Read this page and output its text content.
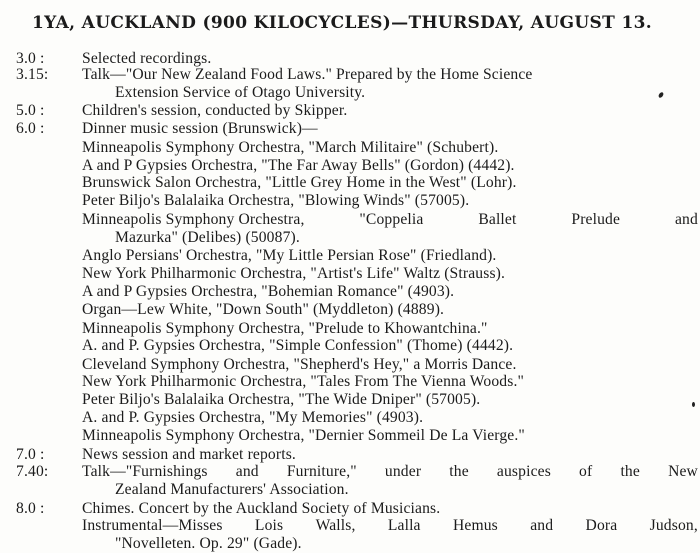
1YA, AUCKLAND (900 KILOCYCLES)—THURSDAY, AUGUST 13.
3.0 :	Selected recordings.
3.15:	Talk—"Our New Zealand Food Laws." Prepared by the Home Science
Extension Service of Otago University.
5.0 :	Children's session, conducted by Skipper.
6.0 :	Dinner music session (Brunswick)—
Minneapolis Symphony Orchestra, "March Militaire" (Schubert).
A and P Gypsies Orchestra, "The Far Away Bells" (Gordon) (4442).
Brunswick Salon Orchestra, "Little Grey Home in the West" (Lohr).
Peter Biljo's Balalaika Orchestra, "Blowing Winds" (57005).
Minneapolis Symphony Orchestra,	"Coppelia	Ballet	Prelude	and
Mazurka" (Delibes) (50087).
Anglo Persians' Orchestra, "My Little Persian Rose" (Friedland).
New York Philharmonic Orchestra, "Artist's Life" Waltz (Strauss).
A and P Gypsies Orchestra, "Bohemian Romance" (4903).
Organ—Lew White, "Down South" (Myddleton) (4889).
Minneapolis Symphony Orchestra, "Prelude to Khowantchina."
A. and P. Gypsies Orchestra, "Simple Confession" (Thome) (4442).
Cleveland Symphony Orchestra, "Shepherd's Hey," a Morris Dance.
New York Philharmonic Orchestra, "Tales From The Vienna Woods."
Peter Biljo's Balalaika Orchestra, "The Wide Dniper" (57005).
A. and P. Gypsies Orchestra, "My Memories" (4903).
Minneapolis Symphony Orchestra, "Dernier Sommeil De La Vierge."
7.0 :	News session and market reports.
7.40:	Talk—"Furnishings and Furniture," under the auspices of the New
Zealand Manufacturers' Association.
8.0 :	Chimes. Concert by the Auckland Society of Musicians.
Instrumental—Misses Lois Walls, Lalla Hemus and Dora Judson,
"Novelleten. Op. 29" (Gade).
